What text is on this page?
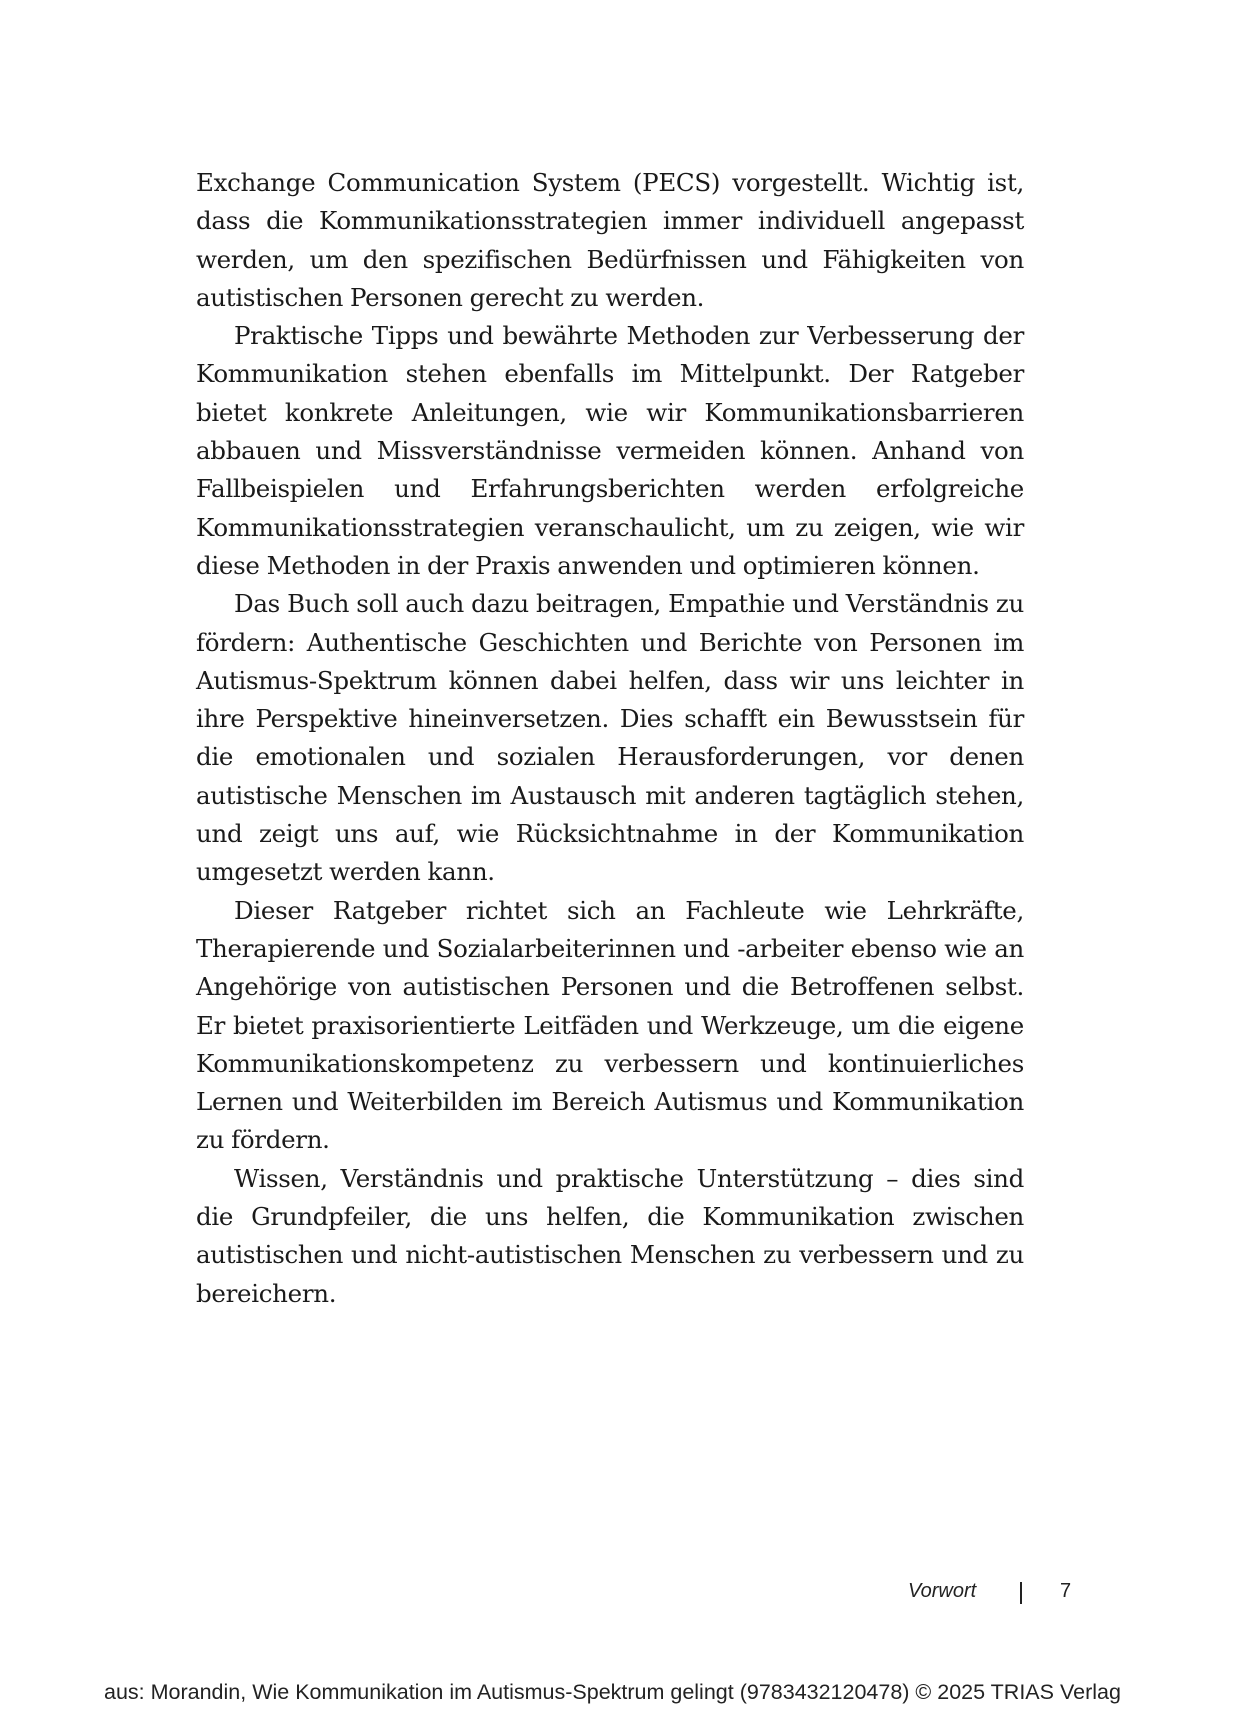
Exchange Communication System (PECS) vorgestellt. Wichtig ist, dass die Kommunikationsstrategien immer individuell angepasst werden, um den spezifischen Bedürfnissen und Fähigkeiten von autistischen Personen gerecht zu werden.

Praktische Tipps und bewährte Methoden zur Verbesserung der Kommunikation stehen ebenfalls im Mittelpunkt. Der Ratgeber bietet konkrete Anleitungen, wie wir Kommunikationsbarrieren abbauen und Missverständnisse vermeiden können. Anhand von Fallbeispielen und Erfahrungsberichten werden erfolgreiche Kommunikationsstrategien veranschaulicht, um zu zeigen, wie wir diese Methoden in der Praxis anwenden und optimieren können.

Das Buch soll auch dazu beitragen, Empathie und Verständnis zu fördern: Authentische Geschichten und Berichte von Personen im Autismus-Spektrum können dabei helfen, dass wir uns leichter in ihre Perspektive hineinversetzen. Dies schafft ein Bewusstsein für die emotionalen und sozialen Herausforderungen, vor denen autistische Menschen im Austausch mit anderen tagtäglich stehen, und zeigt uns auf, wie Rücksichtnahme in der Kommunikation umgesetzt werden kann.

Dieser Ratgeber richtet sich an Fachleute wie Lehrkräfte, Therapierende und Sozialarbeiterinnen und -arbeiter ebenso wie an Angehörige von autistischen Personen und die Betroffenen selbst. Er bietet praxisorientierte Leitfäden und Werkzeuge, um die eigene Kommunikationskompetenz zu verbessern und kontinuierliches Lernen und Weiterbilden im Bereich Autismus und Kommunikation zu fördern.

Wissen, Verständnis und praktische Unterstützung – dies sind die Grundpfeiler, die uns helfen, die Kommunikation zwischen autistischen und nicht-autistischen Menschen zu verbessern und zu bereichern.

Vorwort	7
aus: Morandin, Wie Kommunikation im Autismus-Spektrum gelingt (9783432120478) © 2025 TRIAS Verlag
